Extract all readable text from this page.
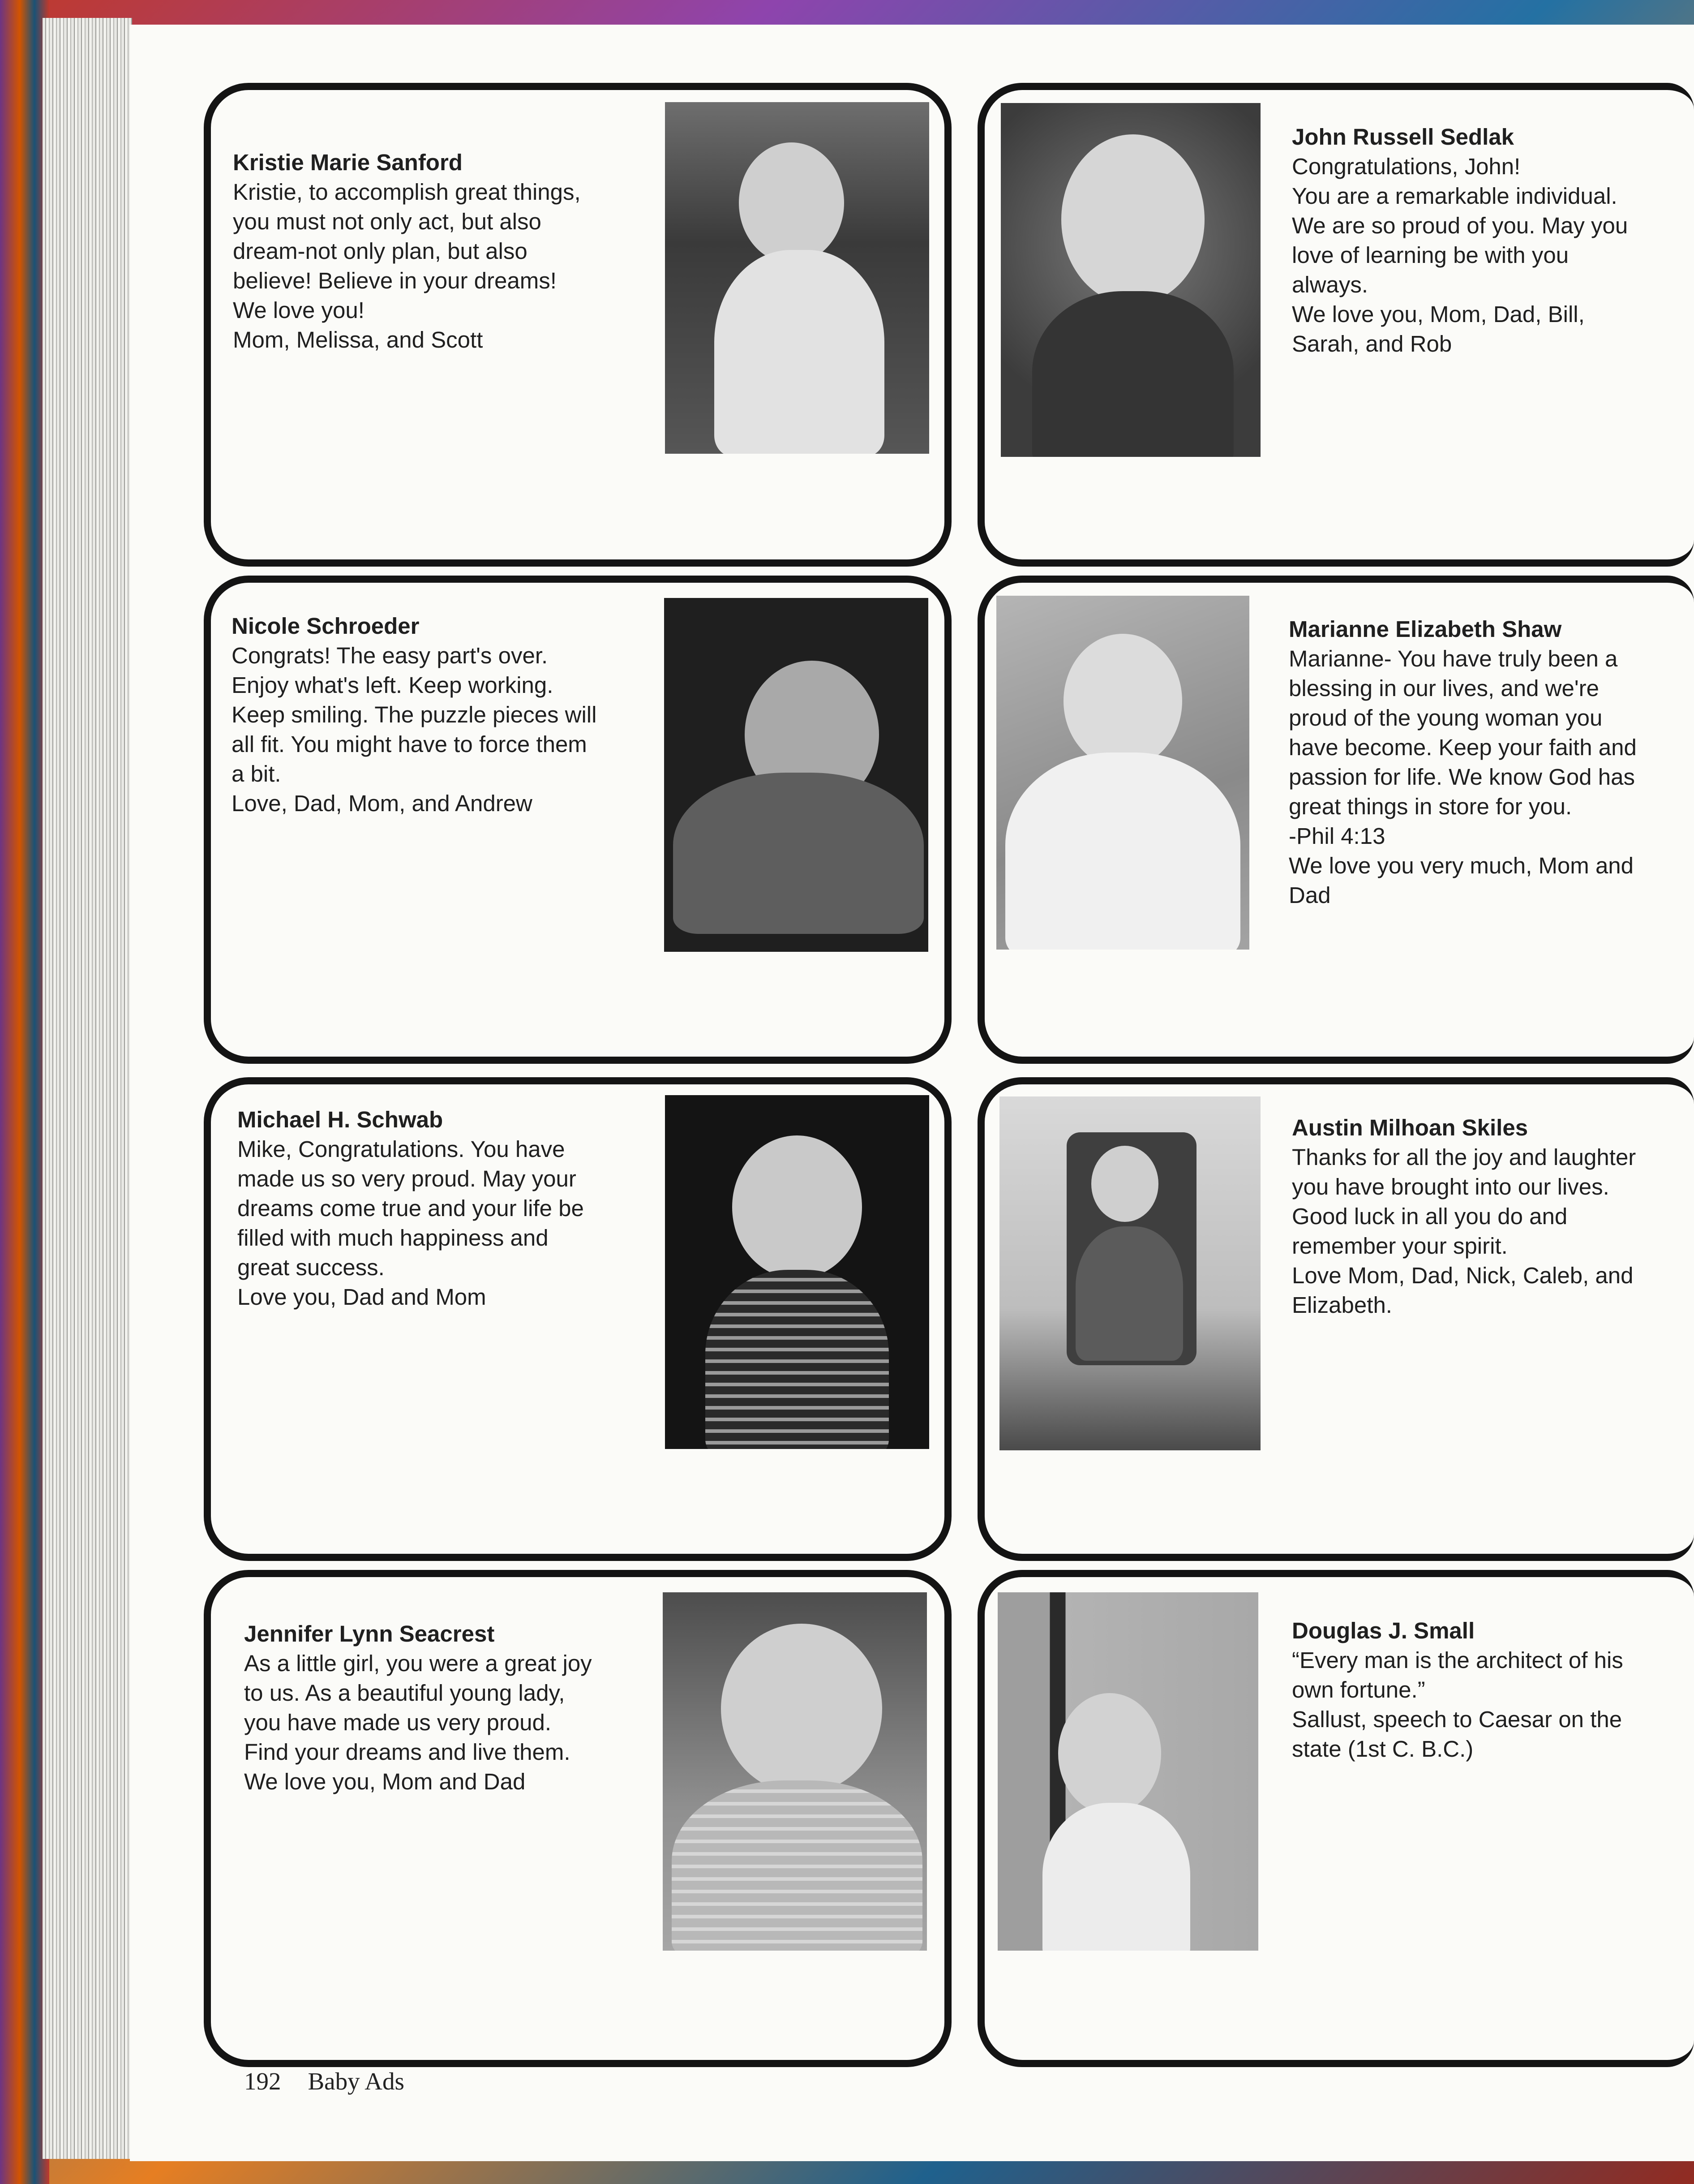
Kristie Marie Sanford
Kristie, to accomplish great things,
you must not only act, but also
dream-not only plan, but also
believe! Believe in your dreams!
We love you!
Mom, Melissa, and Scott
John Russell Sedlak
Congratulations, John!
You are a remarkable individual.
We are so proud of you. May you
love of learning be with you
always.
We love you, Mom, Dad, Bill,
Sarah, and Rob
Nicole Schroeder
Congrats! The easy part's over.
Enjoy what's left. Keep working.
Keep smiling. The puzzle pieces will
all fit. You might have to force them
a bit.
Love, Dad, Mom, and Andrew
Marianne Elizabeth Shaw
Marianne- You have truly been a
blessing in our lives, and we're
proud of the young woman you
have become. Keep your faith and
passion for life. We know God has
great things in store for you.
-Phil 4:13
We love you very much, Mom and
Dad
Michael H. Schwab
Mike, Congratulations. You have
made us so very proud. May your
dreams come true and your life be
filled with much happiness and
great success.
Love you, Dad and Mom
Austin Milhoan Skiles
Thanks for all the joy and laughter
you have brought into our lives.
Good luck in all you do and
remember your spirit.
Love Mom, Dad, Nick, Caleb, and
Elizabeth.
Jennifer Lynn Seacrest
As a little girl, you were a great joy
to us. As a beautiful young lady,
you have made us very proud.
Find your dreams and live them.
We love you, Mom and Dad
Douglas J. Small
“Every man is the architect of his
own fortune.”
Sallust, speech to Caesar on the
state (1st C. B.C.)
192 Baby Ads
